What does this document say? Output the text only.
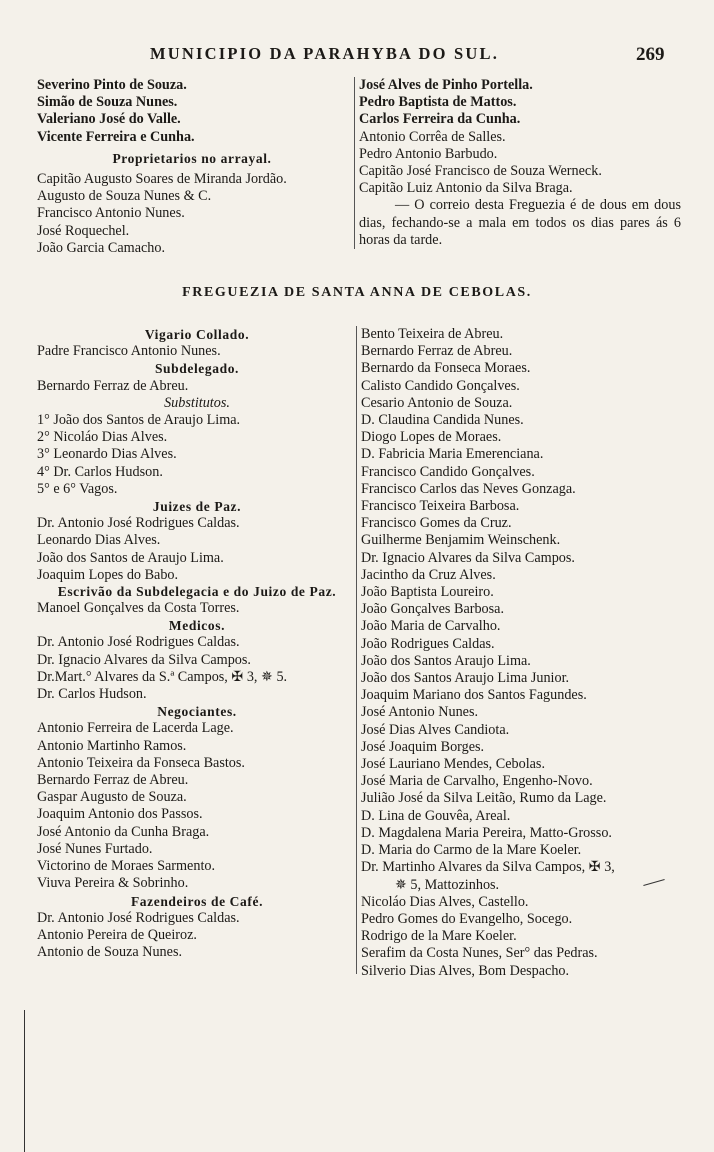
MUNICIPIO DA PARAHYBA DO SUL.	269
Severino Pinto de Souza.
Simão de Souza Nunes.
Valeriano José do Valle.
Vicente Ferreira e Cunha.
Proprietarios no arrayal.
Capitão Augusto Soares de Miranda Jordão.
Augusto de Souza Nunes & C.
Francisco Antonio Nunes.
José Roquechel.
João Garcia Camacho.
José Alves de Pinho Portella.
Pedro Baptista de Mattos.
Carlos Ferreira da Cunha.
Antonio Corrêa de Salles.
Pedro Antonio Barbudo.
Capitão José Francisco de Souza Werneck.
Capitão Luiz Antonio da Silva Braga.
— O correio desta Freguezia é de dous em dous dias, fechando-se a mala em todos os dias pares ás 6 horas da tarde.
FREGUEZIA DE SANTA ANNA DE CEBOLAS.
Vigario Collado.
Padre Francisco Antonio Nunes.
Subdelegado.
Bernardo Ferraz de Abreu.
Substitutos.
1° João dos Santos de Araujo Lima.
2° Nicoláo Dias Alves.
3° Leonardo Dias Alves.
4° Dr. Carlos Hudson.
5° e 6° Vagos.
Juizes de Paz.
Dr. Antonio José Rodrigues Caldas.
Leonardo Dias Alves.
João dos Santos de Araujo Lima.
Joaquim Lopes do Babo.
Escrivão da Subdelegacia e do Juizo de Paz.
Manoel Gonçalves da Costa Torres.
Medicos.
Dr. Antonio José Rodrigues Caldas.
Dr. Ignacio Alvares da Silva Campos.
Dr.Mart.° Alvares da S.ª Campos, ✠ 3, ✵ 5.
Dr. Carlos Hudson.
Negociantes.
Antonio Ferreira de Lacerda Lage.
Antonio Martinho Ramos.
Antonio Teixeira da Fonseca Bastos.
Bernardo Ferraz de Abreu.
Gaspar Augusto de Souza.
Joaquim Antonio dos Passos.
José Antonio da Cunha Braga.
José Nunes Furtado.
Victorino de Moraes Sarmento.
Viuva Pereira & Sobrinho.
Fazendeiros de Café.
Dr. Antonio José Rodrigues Caldas.
Antonio Pereira de Queiroz.
Antonio de Souza Nunes.
Bento Teixeira de Abreu.
Bernardo Ferraz de Abreu.
Bernardo da Fonseca Moraes.
Calisto Candido Gonçalves.
Cesario Antonio de Souza.
D. Claudina Candida Nunes.
Diogo Lopes de Moraes.
D. Fabricia Maria Emerenciana.
Francisco Candido Gonçalves.
Francisco Carlos das Neves Gonzaga.
Francisco Teixeira Barbosa.
Francisco Gomes da Cruz.
Guilherme Benjamim Weinschenk.
Dr. Ignacio Alvares da Silva Campos.
Jacintho da Cruz Alves.
João Baptista Loureiro.
João Gonçalves Barbosa.
João Maria de Carvalho.
João Rodrigues Caldas.
João dos Santos Araujo Lima.
João dos Santos Araujo Lima Junior.
Joaquim Mariano dos Santos Fagundes.
José Antonio Nunes.
José Dias Alves Candiota.
José Joaquim Borges.
José Lauriano Mendes, Cebolas.
José Maria de Carvalho, Engenho-Novo.
Julião José da Silva Leitão, Rumo da Lage.
D. Lina de Gouvêa, Areal.
D. Magdalena Maria Pereira, Matto-Grosso.
D. Maria do Carmo de la Mare Koeler.
Dr. Martinho Alvares da Silva Campos, ✠ 3,
✵ 5, Mattozinhos.
Nicoláo Dias Alves, Castello.
Pedro Gomes do Evangelho, Socego.
Rodrigo de la Mare Koeler.
Serafim da Costa Nunes, Ser° das Pedras.
Silverio Dias Alves, Bom Despacho.
